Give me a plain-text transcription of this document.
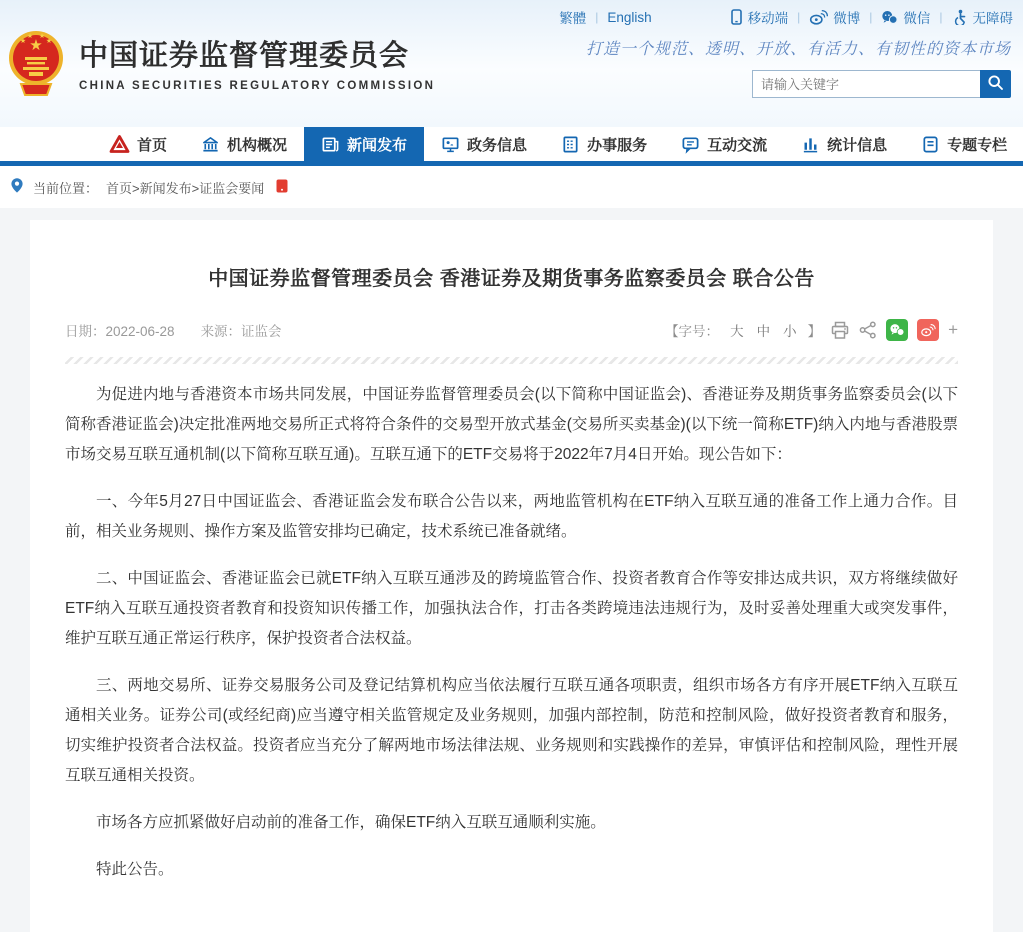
繁體 | English	移动端 | 微博 | 微信 | 无障碍
★
★
★ ★
★ 中国证券监督管理委员会
CHINA SECURITIES REGULATORY COMMISSION
打造一个规范、透明、开放、有活力、有韧性的资本市场
请输入关键字
首页	机构概况	新闻发布	政务信息	办事服务	互动交流	统计信息	专题专栏
当前位置： 首页>新闻发布>证监会要闻
中国证券监督管理委员会 香港证券及期货事务监察委员会 联合公告
日期：2022-06-28 来源：证监会	【字号： 大 中 小 】	+

为促进内地与香港资本市场共同发展，中国证券监督管理委员会(以下简称中国证监会)、香港证券及期货事务监察委员会(以下简称香港证监会)决定批准两地交易所正式将符合条件的交易型开放式基金(交易所买卖基金)(以下统一简称ETF)纳入内地与香港股票市场交易互联互通机制(以下简称互联互通)。互联互通下的ETF交易将于2022年7月4日开始。现公告如下：

一、今年5月27日中国证监会、香港证监会发布联合公告以来，两地监管机构在ETF纳入互联互通的准备工作上通力合作。目前，相关业务规则、操作方案及监管安排均已确定，技术系统已准备就绪。

二、中国证监会、香港证监会已就ETF纳入互联互通涉及的跨境监管合作、投资者教育合作等安排达成共识，双方将继续做好ETF纳入互联互通投资者教育和投资知识传播工作，加强执法合作，打击各类跨境违法违规行为，及时妥善处理重大或突发事件，维护互联互通正常运行秩序，保护投资者合法权益。

三、两地交易所、证券交易服务公司及登记结算机构应当依法履行互联互通各项职责，组织市场各方有序开展ETF纳入互联互通相关业务。证券公司(或经纪商)应当遵守相关监管规定及业务规则，加强内部控制，防范和控制风险，做好投资者教育和服务，切实维护投资者合法权益。投资者应当充分了解两地市场法律法规、业务规则和实践操作的差异，审慎评估和控制风险，理性开展互联互通相关投资。

市场各方应抓紧做好启动前的准备工作，确保ETF纳入互联互通顺利实施。

特此公告。
